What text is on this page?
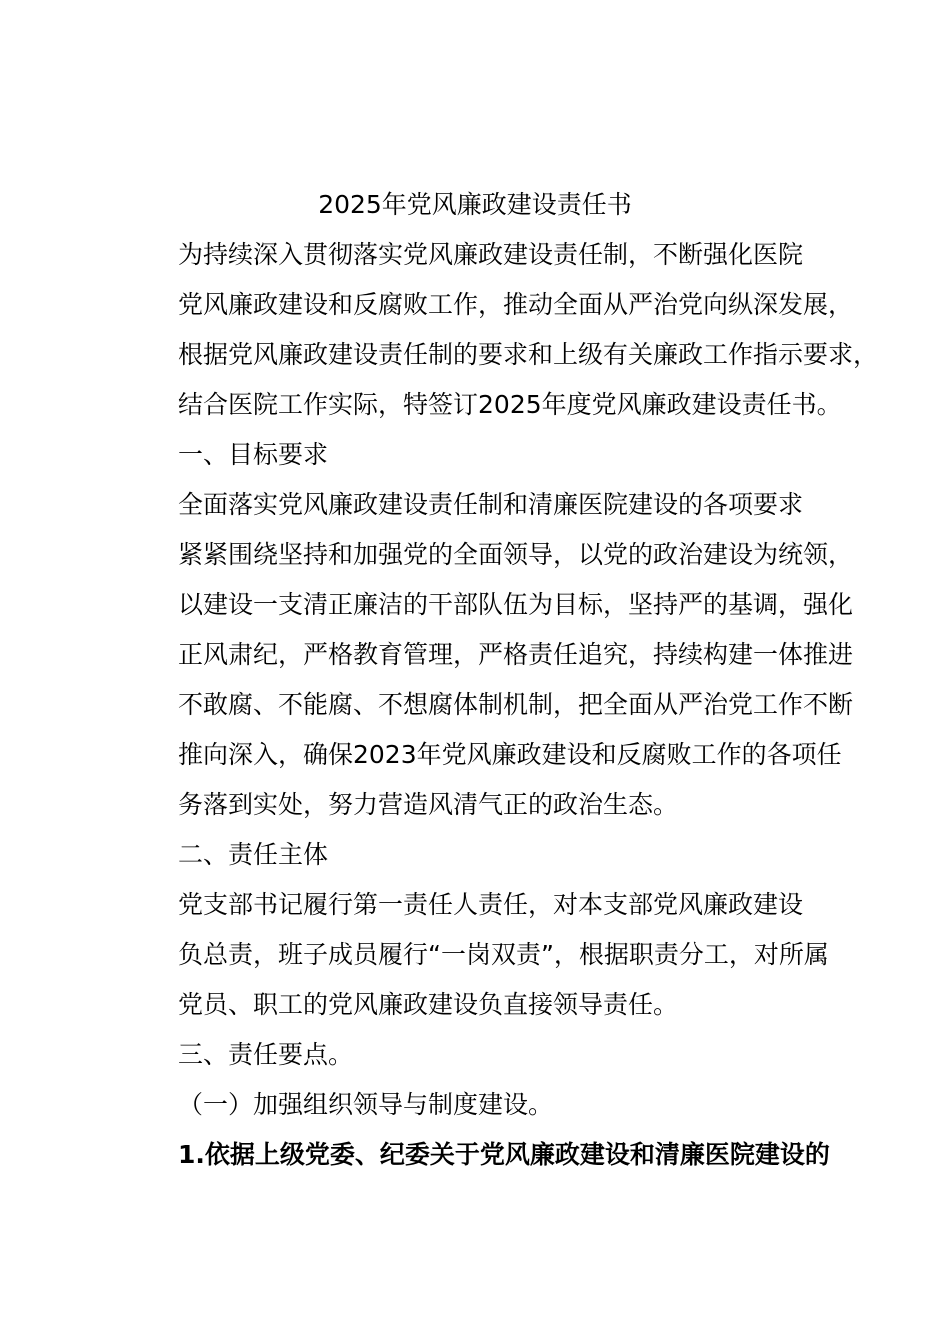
2025年党风廉政建设责任书

为持续深入贯彻落实党风廉政建设责任制，不断强化医院
党风廉政建设和反腐败工作，推动全面从严治党向纵深发展，
根据党风廉政建设责任制的要求和上级有关廉政工作指示要求，
结合医院工作实际，特签订2025年度党风廉政建设责任书。

一、目标要求

全面落实党风廉政建设责任制和清廉医院建设的各项要求
紧紧围绕坚持和加强党的全面领导，以党的政治建设为统领，
以建设一支清正廉洁的干部队伍为目标，坚持严的基调，强化
正风肃纪，严格教育管理，严格责任追究，持续构建一体推进
不敢腐、不能腐、不想腐体制机制，把全面从严治党工作不断
推向深入，确保2023年党风廉政建设和反腐败工作的各项任
务落到实处，努力营造风清气正的政治生态。

二、责任主体

党支部书记履行第一责任人责任，对本支部党风廉政建设
负总责，班子成员履行“一岗双责”，根据职责分工，对所属
党员、职工的党风廉政建设负直接领导责任。

三、责任要点。

（一）加强组织领导与制度建设。

1.依据上级党委、纪委关于党风廉政建设和清廉医院建设的
